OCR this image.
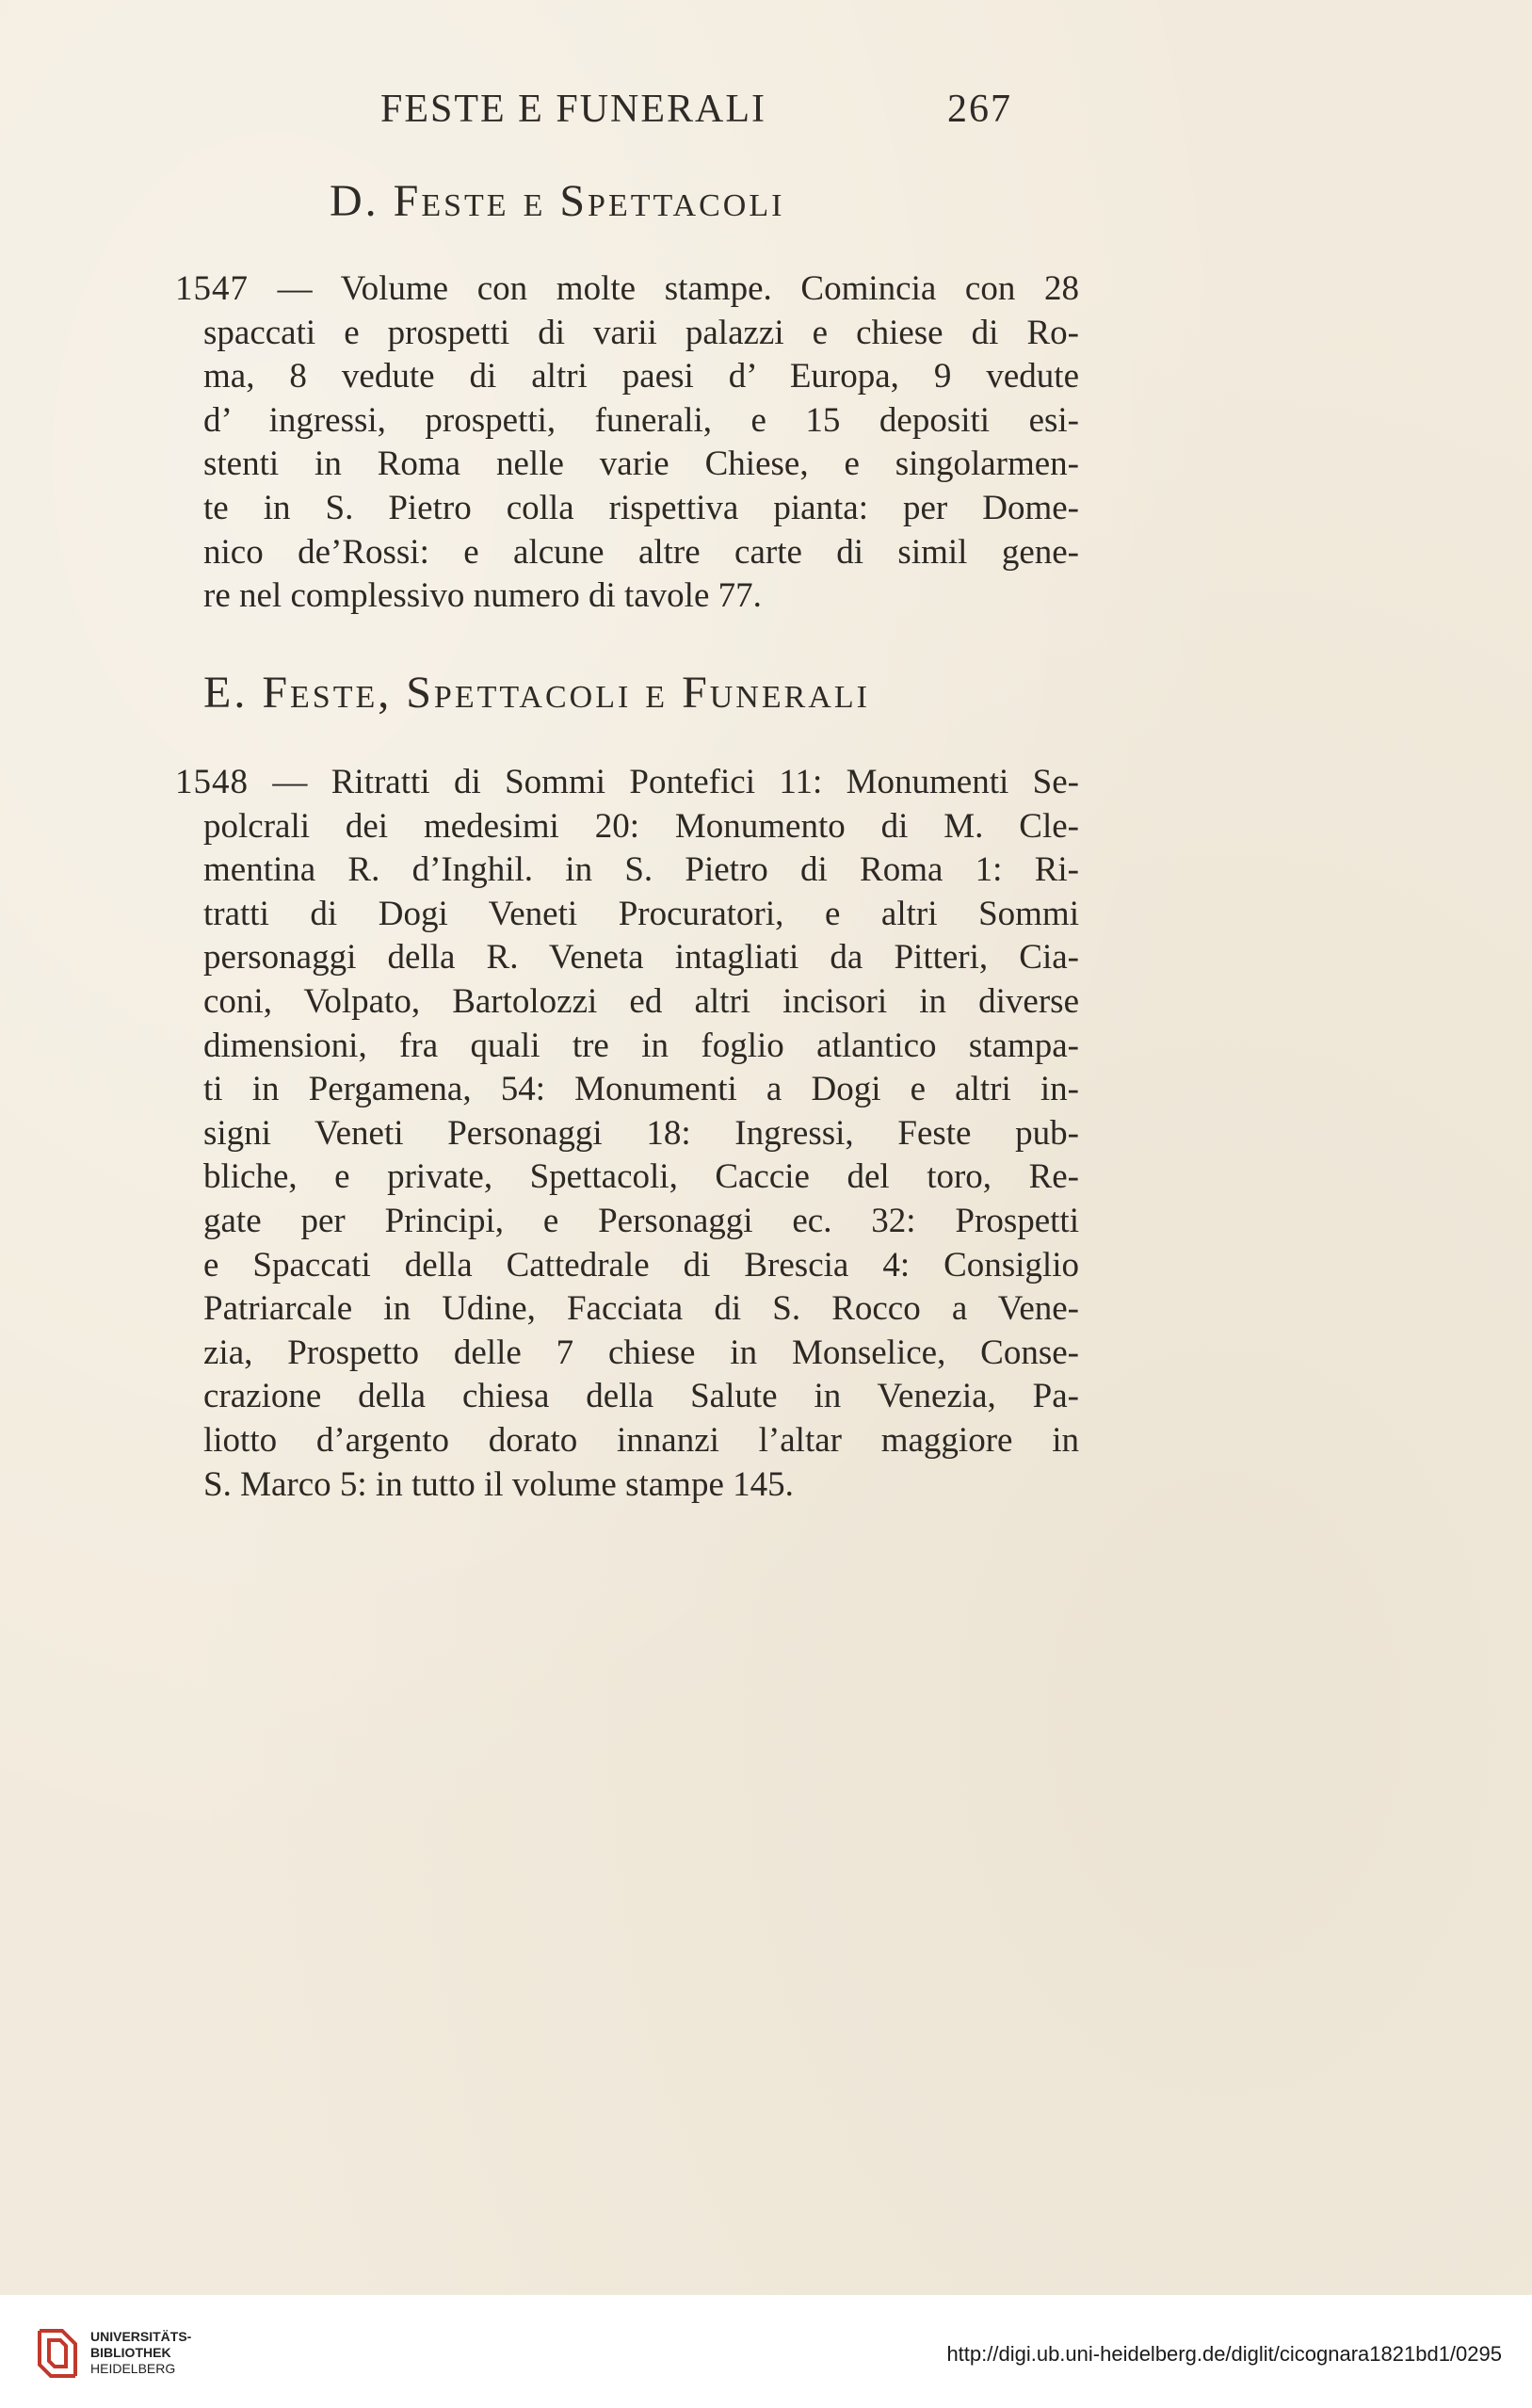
FESTE E FUNERALI	267
D. Feste e Spettacoli
1547 — Volume con molte stampe. Comincia con 28
spaccati e prospetti di varii palazzi e chiese di Ro-
ma, 8 vedute di altri paesi d’ Europa, 9 vedute
d’ ingressi, prospetti, funerali, e 15 depositi esi-
stenti in Roma nelle varie Chiese, e singolarmen-
te in S. Pietro colla rispettiva pianta: per Dome-
nico de’Rossi: e alcune altre carte di simil gene-
re nel complessivo numero di tavole 77.
E. Feste, Spettacoli e Funerali
1548 — Ritratti di Sommi Pontefici 11: Monumenti Se-
polcrali dei medesimi 20: Monumento di M. Cle-
mentina R. d’Inghil. in S. Pietro di Roma 1: Ri-
tratti di Dogi Veneti Procuratori, e altri Sommi
personaggi della R. Veneta intagliati da Pitteri, Cia-
coni, Volpato, Bartolozzi ed altri incisori in diverse
dimensioni, fra quali tre in foglio atlantico stampa-
ti in Pergamena, 54: Monumenti a Dogi e altri in-
signi Veneti Personaggi 18: Ingressi, Feste pub-
bliche, e private, Spettacoli, Caccie del toro, Re-
gate per Principi, e Personaggi ec. 32: Prospetti
e Spaccati della Cattedrale di Brescia 4: Consiglio
Patriarcale in Udine, Facciata di S. Rocco a Vene-
zia, Prospetto delle 7 chiese in Monselice, Conse-
crazione della chiesa della Salute in Venezia, Pa-
liotto d’argento dorato innanzi l’altar maggiore in
S. Marco 5: in tutto il volume stampe 145.
UNIVERSITÄTS-
BIBLIOTHEK
HEIDELBERG
http://digi.ub.uni-heidelberg.de/diglit/cicognara1821bd1/0295
